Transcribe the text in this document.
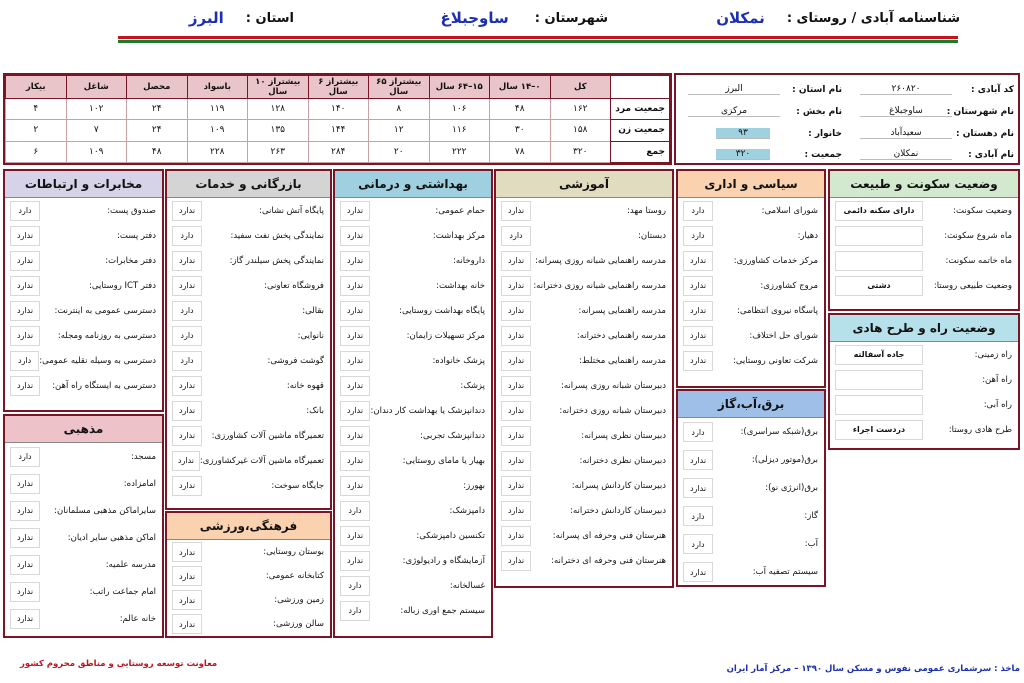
شناسنامه آبادی / روستای :
نمکلان
شهرستان :
ساوجبلاغ
استان :
البرز
کد آبادی :
۲۶۰۸۲۰
نام شهرستان :
ساوجبلاغ
نام دهستان :
سعیدآباد
نام آبادی :
نمکلان
نام استان :
البرز
نام بخش :
مرکزی
خانوار :
۹۳
جمعیت :
۳۲۰
	کل	۰–۱۴ سال	۱۵–۶۴ سال	بیشتراز ۶۵ سال	بیشتراز ۶ سال	بیشتراز ۱۰ سال	باسواد	محصل	شاغل	بیکار
جمعیت مرد	۱۶۲	۴۸	۱۰۶	۸	۱۴۰	۱۲۸	۱۱۹	۲۴	۱۰۲	۴
جمعیت زن	۱۵۸	۳۰	۱۱۶	۱۲	۱۴۴	۱۳۵	۱۰۹	۲۴	۷	۲
جمع	۳۲۰	۷۸	۲۲۲	۲۰	۲۸۴	۲۶۳	۲۲۸	۴۸	۱۰۹	۶
وضعیت سکونت و طبیعت
وضعیت سکونت:
دارای سکنه دائمی
ماه شروع سکونت:
ماه خاتمه سکونت:
وضعیت طبیعی روستا:
دشتی
وضعیت راه و طرح هادی
راه زمینی:
جاده آسفالته
راه آهن:
راه آبی:
طرح هادی روستا:
دردست اجراء
سیاسی و اداری
شورای اسلامی:
دارد
دهیار:
دارد
مرکز خدمات کشاورزی:
ندارد
مروج کشاورزی:
ندارد
پاسگاه نیروی انتظامی:
ندارد
شورای حل اختلاف:
ندارد
شرکت تعاونی روستایی:
ندارد
برق،آب،گاز
برق(شبکه سراسری):
دارد
برق(موتور دیزلی):
ندارد
برق(انرژی نو):
ندارد
گاز:
دارد
آب:
دارد
سیستم تصفیه آب:
ندارد
آموزشی
روستا مهد:
ندارد
دبستان:
دارد
مدرسه راهنمایی شبانه روزی پسرانه:
ندارد
مدرسه راهنمایی شبانه روزی دخترانه:
ندارد
مدرسه راهنمایی پسرانه:
ندارد
مدرسه راهنمایی دخترانه:
ندارد
مدرسه راهنمایی مختلط:
ندارد
دبیرستان شبانه روزی پسرانه:
ندارد
دبیرستان شبانه روزی دخترانه:
ندارد
دبیرستان نظری پسرانه:
ندارد
دبیرستان نظری دخترانه:
ندارد
دبیرستان کاردانش پسرانه:
ندارد
دبیرستان کاردانش دخترانه:
ندارد
هنرستان فنی وحرفه ای پسرانه:
ندارد
هنرستان فنی وحرفه ای دخترانه:
ندارد
بهداشتی و درمانی
حمام عمومی:
ندارد
مرکز بهداشت:
ندارد
داروخانه:
ندارد
خانه بهداشت:
ندارد
پایگاه بهداشت روستایی:
ندارد
مرکز تسهیلات زایمان:
ندارد
پزشک خانواده:
ندارد
پزشک:
ندارد
دندانپزشک یا بهداشت کار دندان:
ندارد
دندانپزشک تجربی:
ندارد
بهیار یا مامای روستایی:
ندارد
بهورز:
ندارد
دامپزشک:
دارد
تکنسین دامپزشکی:
ندارد
آزمایشگاه و رادیولوژی:
ندارد
غسالخانه:
دارد
سیستم جمع اوری زباله:
دارد
بازرگانی و خدمات
پایگاه آتش نشانی:
ندارد
نمایندگی پخش نفت سفید:
دارد
نمایندگی پخش سیلندر گاز:
ندارد
فروشگاه تعاونی:
ندارد
بقالی:
دارد
نانوایی:
دارد
گوشت فروشی:
دارد
قهوه خانه:
ندارد
بانک:
ندارد
تعمیرگاه ماشین آلات کشاورزی:
ندارد
تعمیرگاه ماشین آلات غیرکشاورزی:
ندارد
جایگاه سوخت:
ندارد
فرهنگی،ورزشی
بوستان روستایی:
ندارد
کتابخانه عمومی:
ندارد
زمین ورزشی:
ندارد
سالن ورزشی:
ندارد
مخابرات و ارتباطات
صندوق پست:
دارد
دفتر پست:
ندارد
دفتر مخابرات:
ندارد
دفتر ICT روستایی:
ندارد
دسترسی عمومی به اینترنت:
ندارد
دسترسی به روزنامه ومجله:
ندارد
دسترسی به وسیله نقلیه عمومی:
دارد
دسترسی به ایستگاه راه آهن:
ندارد
مذهبی
مسجد:
دارد
امامزاده:
ندارد
سایراماکن مذهبی مسلمانان:
ندارد
اماکن مذهبی سایر ادیان:
ندارد
مدرسه علمیه:
ندارد
امام جماعت راتب:
ندارد
خانه عالم:
ندارد
ماخذ : سرشماری عمومی نفوس و مسکن سال ۱۳۹۰ – مرکز آمار ایران
معاونت توسعه روستایی و مناطق محروم کشور
